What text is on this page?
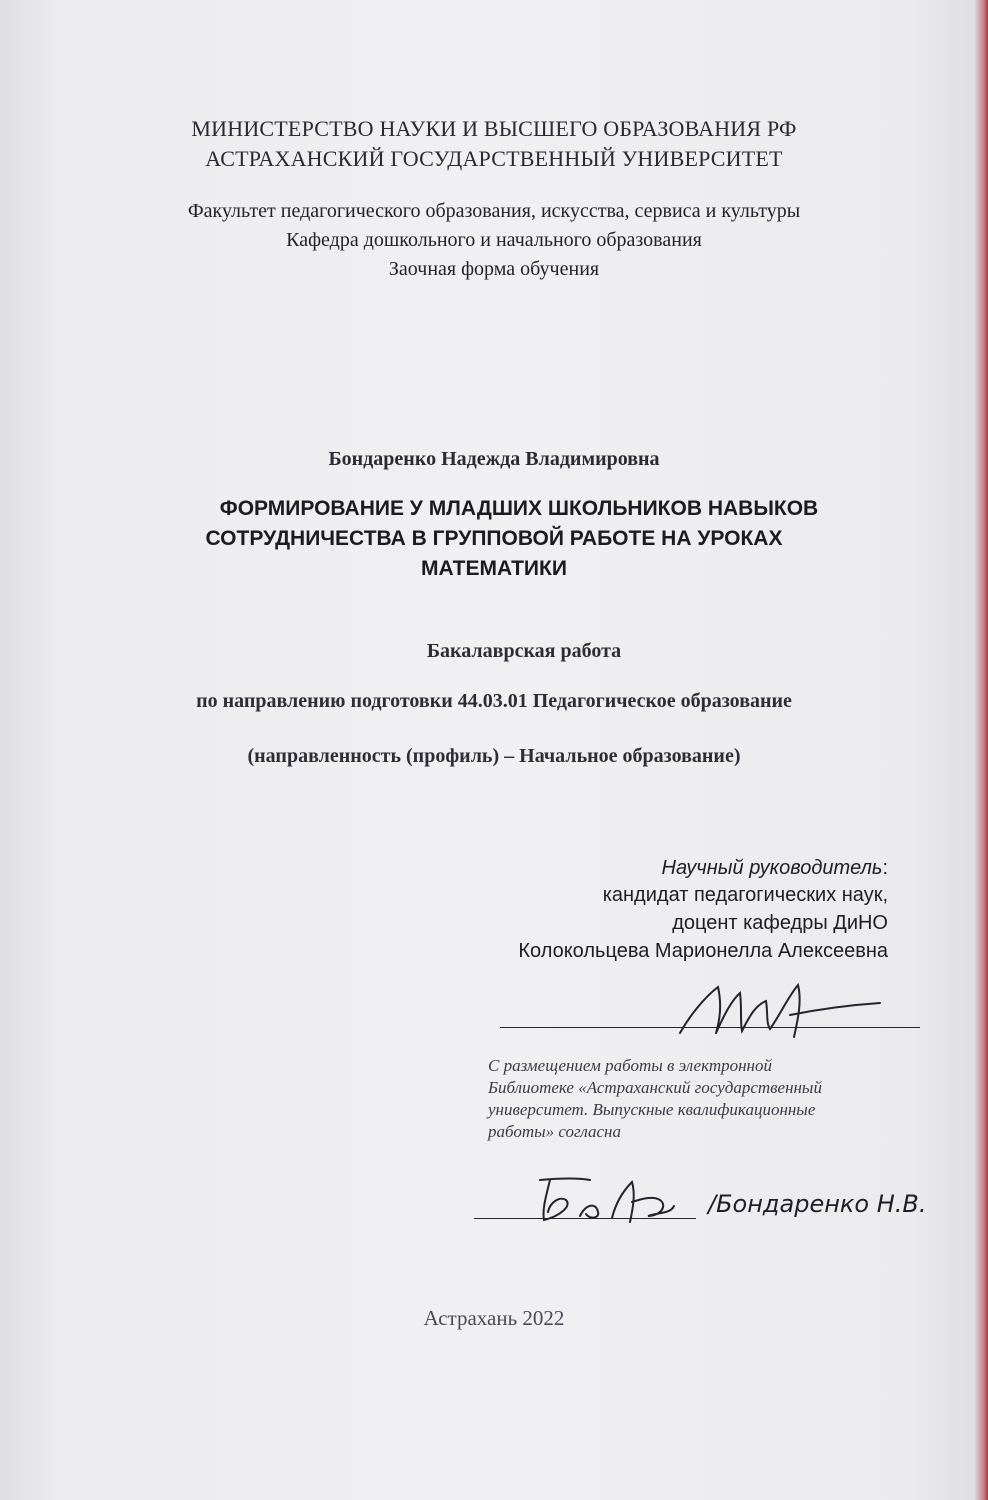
МИНИСТЕРСТВО НАУКИ И ВЫСШЕГО ОБРАЗОВАНИЯ РФ
АСТРАХАНСКИЙ ГОСУДАРСТВЕННЫЙ УНИВЕРСИТЕТ
Факультет педагогического образования, искусства, сервиса и культуры
Кафедра дошкольного и начального образования
Заочная форма обучения
Бондаренко Надежда Владимировна
ФОРМИРОВАНИЕ У МЛАДШИХ ШКОЛЬНИКОВ НАВЫКОВ
СОТРУДНИЧЕСТВА В ГРУППОВОЙ РАБОТЕ НА УРОКАХ
МАТЕМАТИКИ
Бакалаврская работа
по направлению подготовки 44.03.01 Педагогическое образование
(направленность (профиль) – Начальное образование)
Научный руководитель:
кандидат педагогических наук,
доцент кафедры ДиНО
Колокольцева Марионелла Алексеевна
С размещением работы в электронной
Библиотеке «Астраханский государственный
университет. Выпускные квалификационные
работы» согласна
/Бондаренко Н.В.
Астрахань 2022
